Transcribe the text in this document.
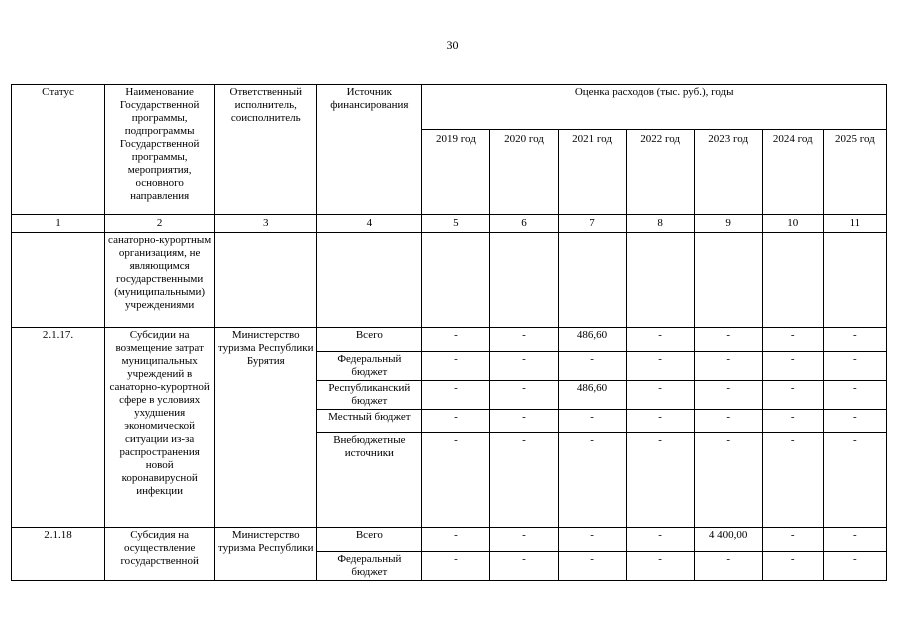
30
Статус	Наименование Государственной программы, подпрограммы Государственной программы, мероприятия, основного направления	Ответственный исполнитель, соисполнитель	Источник финансирования	Оценка расходов (тыс. руб.), годы						
				2019 год	2020 год	2021 год	2022 год	2023 год	2024 год	2025 год
1	2	3	4	5	6	7	8	9	10	11
	санаторно-курортным организациям, не являющимся государственными (муниципальными) учреждениями									
2.1.17.	Субсидии на возмещение затрат муниципальных учреждений в санаторно-курортной сфере в условиях ухудшения экономической ситуации из-за распространения новой коронавирусной инфекции	Министерство туризма Республики Бурятия	Всего	-	-	486,60	-	-	-	-
			Федеральный бюджет	-	-	-	-	-	-	-
			Республиканский бюджет	-	-	486,60	-	-	-	-
			Местный бюджет	-	-	-	-	-	-	-
			Внебюджетные источники	-	-	-	-	-	-	-
2.1.18	Субсидия на осуществление государственной	Министерство туризма Республики	Всего	-	-	-	-	4 400,00	-	-
			Федеральный бюджет	-	-	-	-	-	-	-
